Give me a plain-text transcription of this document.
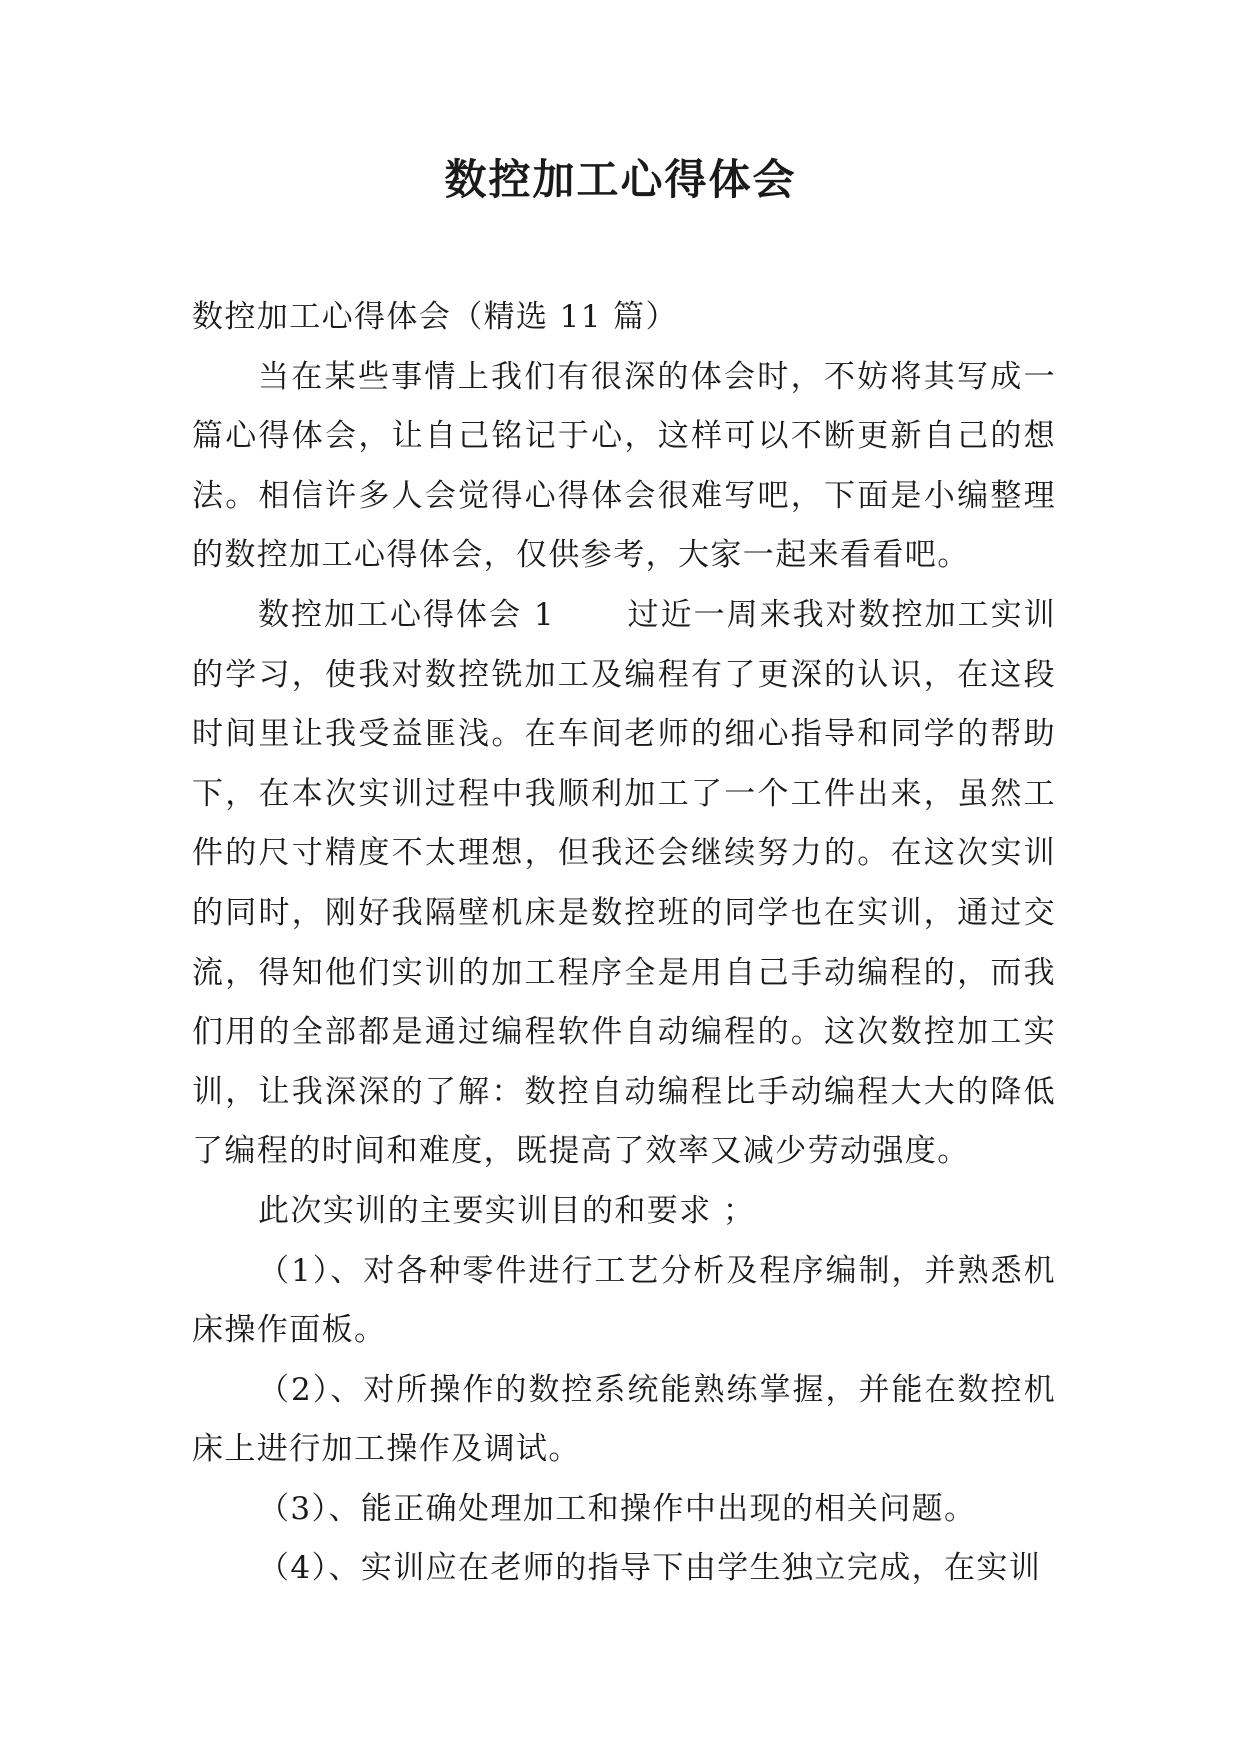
数控加工心得体会

数控加工心得体会（精选 11 篇）

当在某些事情上我们有很深的体会时，不妨将其写成一篇心得体会，让自己铭记于心，这样可以不断更新自己的想法。相信许多人会觉得心得体会很难写吧，下面是小编整理的数控加工心得体会，仅供参考，大家一起来看看吧。

数控加工心得体会 1 过近一周来我对数控加工实训的学习，使我对数控铣加工及编程有了更深的认识，在这段时间里让我受益匪浅。在车间老师的细心指导和同学的帮助下，在本次实训过程中我顺利加工了一个工件出来，虽然工件的尺寸精度不太理想，但我还会继续努力的。在这次实训的同时，刚好我隔壁机床是数控班的同学也在实训，通过交流，得知他们实训的加工程序全是用自己手动编程的，而我们用的全部都是通过编程软件自动编程的。这次数控加工实训，让我深深的了解：数控自动编程比手动编程大大的降低了编程的时间和难度，既提高了效率又减少劳动强度。

此次实训的主要实训目的和要求 ；

（1）、对各种零件进行工艺分析及程序编制，并熟悉机床操作面板。

（2）、对所操作的数控系统能熟练掌握，并能在数控机床上进行加工操作及调试。

（3）、能正确处理加工和操作中出现的相关问题。

（4）、实训应在老师的指导下由学生独立完成，在实训
